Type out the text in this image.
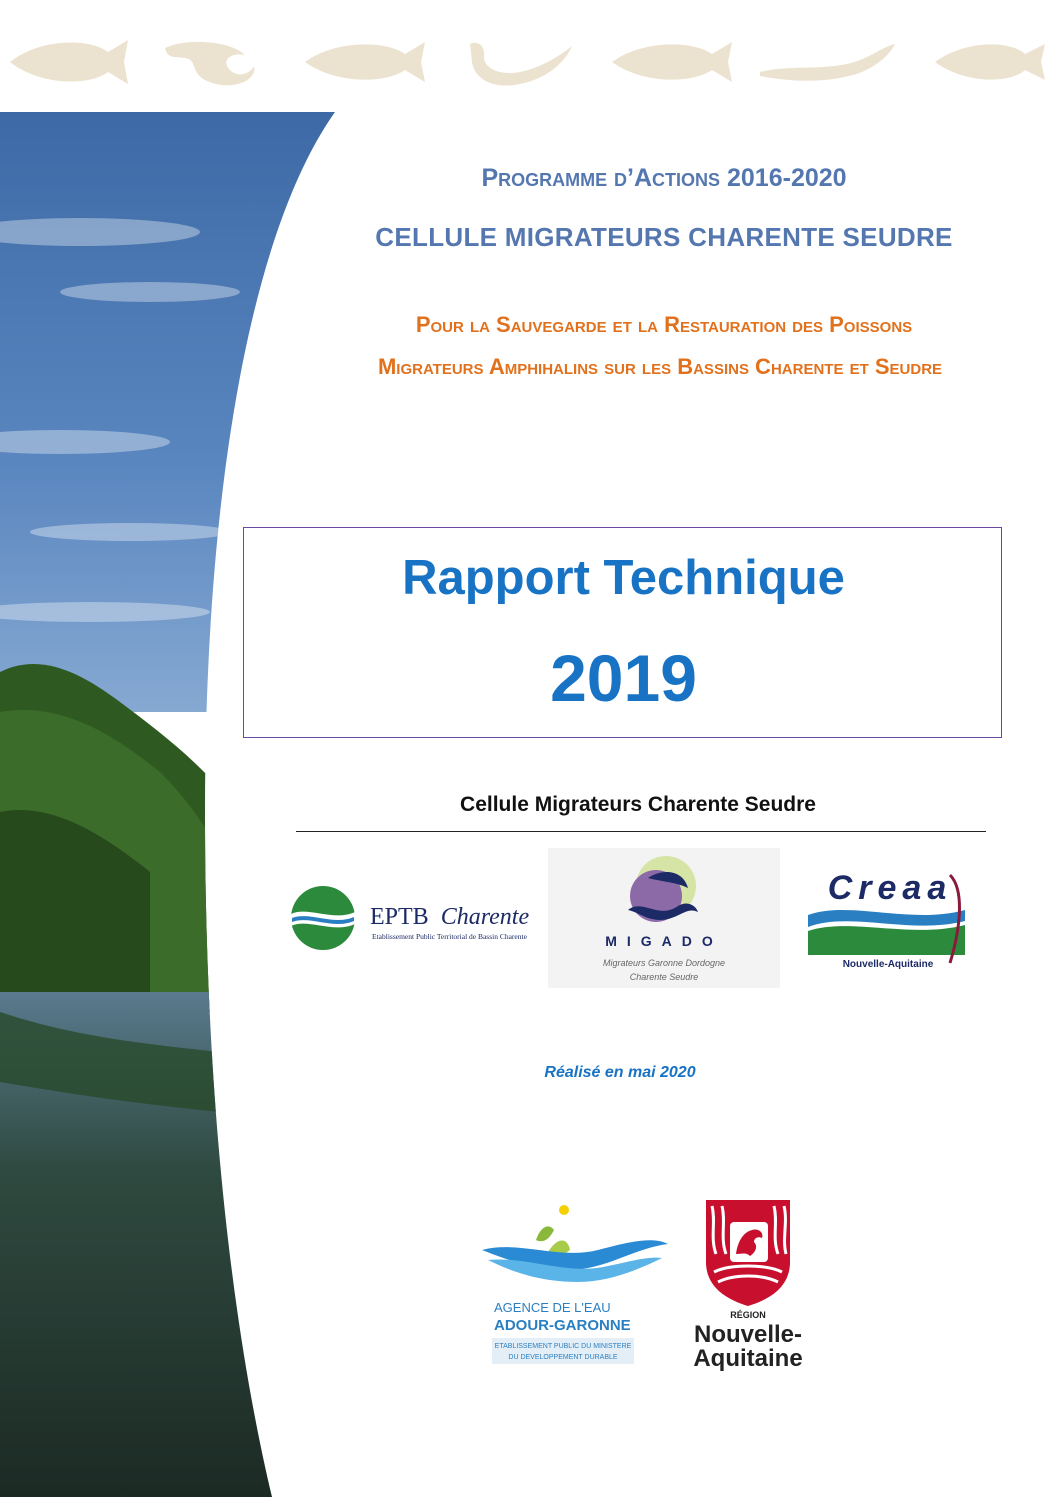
Programme d’Actions 2016-2020
CELLULE MIGRATEURS CHARENTE SEUDRE
Pour la Sauvegarde et la Restauration des Poissons
Migrateurs Amphihalins sur les Bassins Charente et Seudre
Rapport Technique
2019
Cellule Migrateurs Charente Seudre
EPTB Charente
Etablissement Public Territorial de Bassin Charente	MIGADO
Migrateurs Garonne Dordogne
Charente Seudre
Creaa
Nouvelle-Aquitaine
Réalisé en mai 2020
AGENCE DE L'EAU
ADOUR-GARONNE
ETABLISSEMENT PUBLIC DU MINISTERE
DU DEVELOPPEMENT DURABLE
RÉGION
Nouvelle-
Aquitaine
